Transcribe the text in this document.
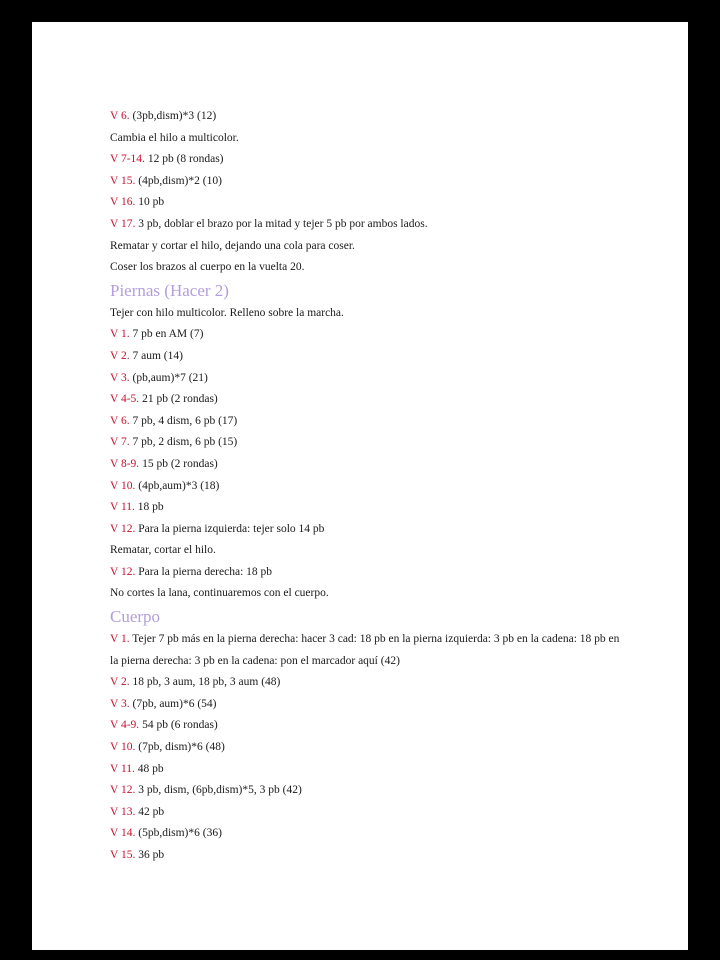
V 6. (3pb,dism)*3 (12)
Cambia el hilo a multicolor.
V 7-14. 12 pb (8 rondas)
V 15. (4pb,dism)*2 (10)
V 16. 10 pb
V 17. 3 pb, doblar el brazo por la mitad y tejer 5 pb por ambos lados.
Rematar y cortar el hilo, dejando una cola para coser.
Coser los brazos al cuerpo en la vuelta 20.
Piernas (Hacer 2)
Tejer con hilo multicolor. Relleno sobre la marcha.
V 1. 7 pb en AM (7)
V 2. 7 aum (14)
V 3. (pb,aum)*7 (21)
V 4-5. 21 pb (2 rondas)
V 6. 7 pb, 4 dism, 6 pb (17)
V 7. 7 pb, 2 dism, 6 pb (15)
V 8-9. 15 pb (2 rondas)
V 10. (4pb,aum)*3 (18)
V 11. 18 pb
V 12. Para la pierna izquierda: tejer solo 14 pb
Rematar, cortar el hilo.
V 12. Para la pierna derecha: 18 pb
No cortes la lana, continuaremos con el cuerpo.
Cuerpo
V 1. Tejer 7 pb más en la pierna derecha: hacer 3 cad: 18 pb en la pierna izquierda: 3 pb en la cadena: 18 pb en la pierna derecha: 3 pb en la cadena: pon el marcador aquí (42)
V 2. 18 pb, 3 aum, 18 pb, 3 aum (48)
V 3. (7pb, aum)*6 (54)
V 4-9. 54 pb (6 rondas)
V 10. (7pb, dism)*6 (48)
V 11. 48 pb
V 12. 3 pb, dism, (6pb,dism)*5, 3 pb (42)
V 13. 42 pb
V 14. (5pb,dism)*6 (36)
V 15. 36 pb
